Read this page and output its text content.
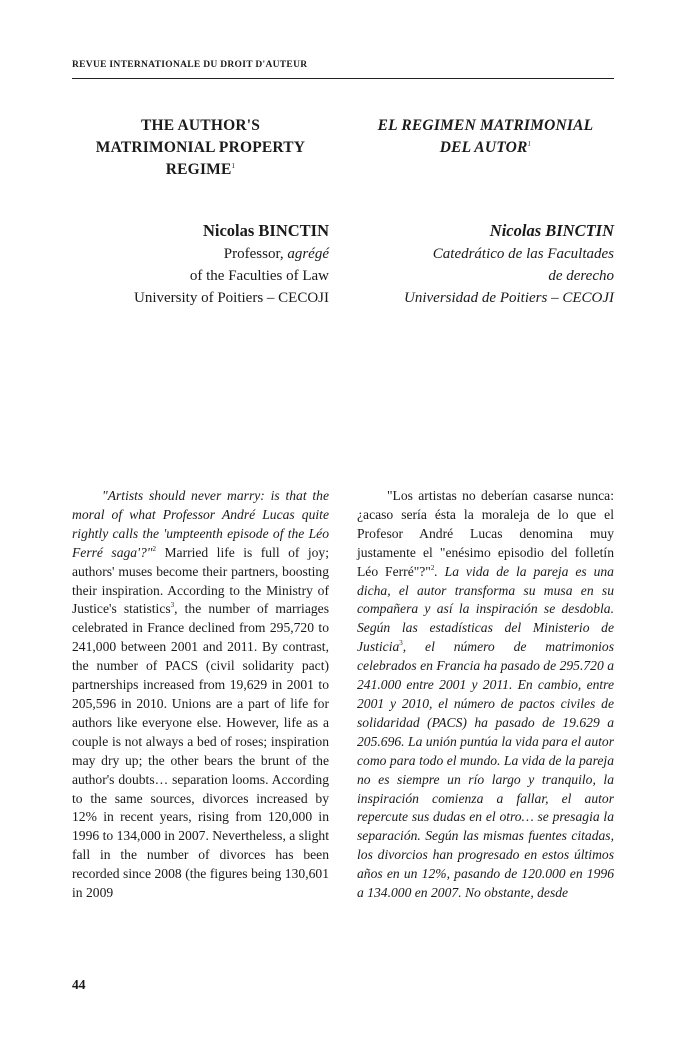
REVUE INTERNATIONALE DU DROIT D'AUTEUR
THE AUTHOR'S
MATRIMONIAL PROPERTY
REGIME$^1$
EL REGIMEN MATRIMONIAL
DEL AUTOR$^1$
Nicolas BINCTIN
Professor, agrégé
of the Faculties of Law
University of Poitiers – CECOJI
Nicolas BINCTIN
Catedrático de las Facultades
de derecho
Universidad de Poitiers – CECOJI

"Artists should never marry: is that the moral of what Professor André Lucas quite rightly calls the 'umpteenth episode of the Léo Ferré saga'?"$^2$ Married life is full of joy; authors' muses become their partners, boosting their inspiration. According to the Ministry of Justice's statistics$^3$, the number of marriages celebrated in France declined from 295,720 to 241,000 between 2001 and 2011. By contrast, the number of PACS (civil solidarity pact) partnerships increased from 19,629 in 2001 to 205,596 in 2010. Unions are a part of life for authors like everyone else. However, life as a couple is not always a bed of roses; inspiration may dry up; the other bears the brunt of the author's doubts… separation looms. According to the same sources, divorces increased by 12% in recent years, rising from 120,000 in 1996 to 134,000 in 2007. Nevertheless, a slight fall in the number of divorces has been recorded since 2008 (the figures being 130,601 in 2009

"Los artistas no deberían casarse nunca: ¿acaso sería ésta la moraleja de lo que el Profesor André Lucas denomina muy justamente el "enésimo episodio del folletín Léo Ferré"?"$^2$. La vida de la pareja es una dicha, el autor transforma su musa en su compañera y así la inspiración se desdobla. Según las estadísticas del Ministerio de Justicia$^3$, el número de matrimonios celebrados en Francia ha pasado de 295.720 a 241.000 entre 2001 y 2011. En cambio, entre 2001 y 2010, el número de pactos civiles de solidaridad (PACS) ha pasado de 19.629 a 205.696. La unión puntúa la vida para el autor como para todo el mundo. La vida de la pareja no es siempre un río largo y tranquilo, la inspiración comienza a fallar, el autor repercute sus dudas en el otro… se presagia la separación. Según las mismas fuentes citadas, los divorcios han progresado en estos últimos años en un 12%, pasando de 120.000 en 1996 a 134.000 en 2007. No obstante, desde

44
